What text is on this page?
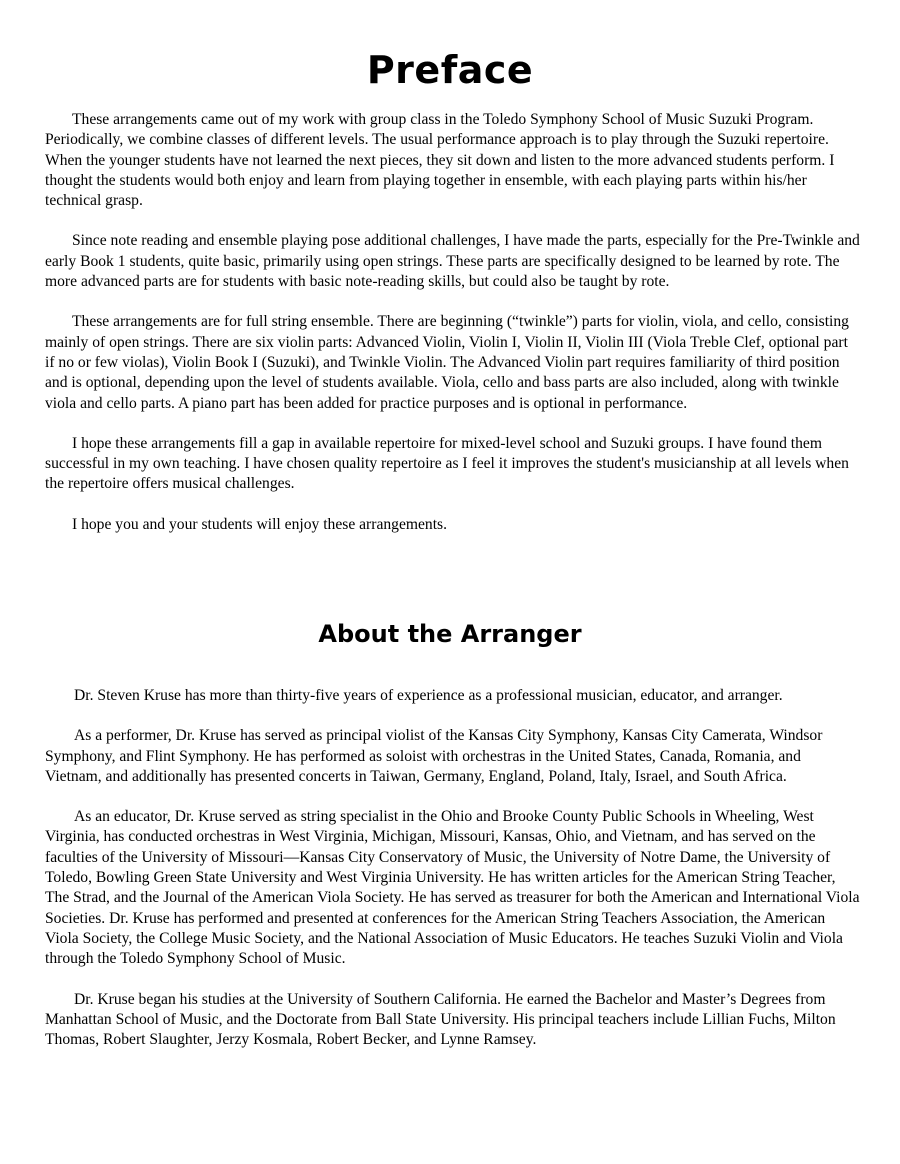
Preface

These arrangements came out of my work with group class in the Toledo Symphony School of Music Suzuki Program. Periodically, we combine classes of different levels. The usual performance approach is to play through the Suzuki repertoire. When the younger students have not learned the next pieces, they sit down and listen to the more advanced students perform. I thought the students would both enjoy and learn from playing together in ensemble, with each playing parts within his/her technical grasp.

Since note reading and ensemble playing pose additional challenges, I have made the parts, especially for the Pre-Twinkle and early Book 1 students, quite basic, primarily using open strings. These parts are specifically designed to be learned by rote. The more advanced parts are for students with basic note-reading skills, but could also be taught by rote.

These arrangements are for full string ensemble. There are beginning (“twinkle”) parts for violin, viola, and cello, consisting mainly of open strings. There are six violin parts: Advanced Violin, Violin I, Violin II, Violin III (Viola Treble Clef, optional part if no or few violas), Violin Book I (Suzuki), and Twinkle Violin. The Advanced Violin part requires familiarity of third position and is optional, depending upon the level of students available. Viola, cello and bass parts are also included, along with twinkle viola and cello parts. A piano part has been added for practice purposes and is optional in performance.

I hope these arrangements fill a gap in available repertoire for mixed-level school and Suzuki groups. I have found them successful in my own teaching. I have chosen quality repertoire as I feel it improves the student's musicianship at all levels when the repertoire offers musical challenges.

I hope you and your students will enjoy these arrangements.

About the Arranger

Dr. Steven Kruse has more than thirty-five years of experience as a professional musician, educator, and arranger.

As a performer, Dr. Kruse has served as principal violist of the Kansas City Symphony, Kansas City Camerata, Windsor Symphony, and Flint Symphony. He has performed as soloist with orchestras in the United States, Canada, Romania, and Vietnam, and additionally has presented concerts in Taiwan, Germany, England, Poland, Italy, Israel, and South Africa.

As an educator, Dr. Kruse served as string specialist in the Ohio and Brooke County Public Schools in Wheeling, West Virginia, has conducted orchestras in West Virginia, Michigan, Missouri, Kansas, Ohio, and Vietnam, and has served on the faculties of the University of Missouri—Kansas City Conservatory of Music, the University of Notre Dame, the University of Toledo, Bowling Green State University and West Virginia University. He has written articles for the American String Teacher, The Strad, and the Journal of the American Viola Society. He has served as treasurer for both the American and International Viola Societies. Dr. Kruse has performed and presented at conferences for the American String Teachers Association, the American Viola Society, the College Music Society, and the National Association of Music Educators. He teaches Suzuki Violin and Viola through the Toledo Symphony School of Music.

Dr. Kruse began his studies at the University of Southern California. He earned the Bachelor and Master’s Degrees from Manhattan School of Music, and the Doctorate from Ball State University. His principal teachers include Lillian Fuchs, Milton Thomas, Robert Slaughter, Jerzy Kosmala, Robert Becker, and Lynne Ramsey.
